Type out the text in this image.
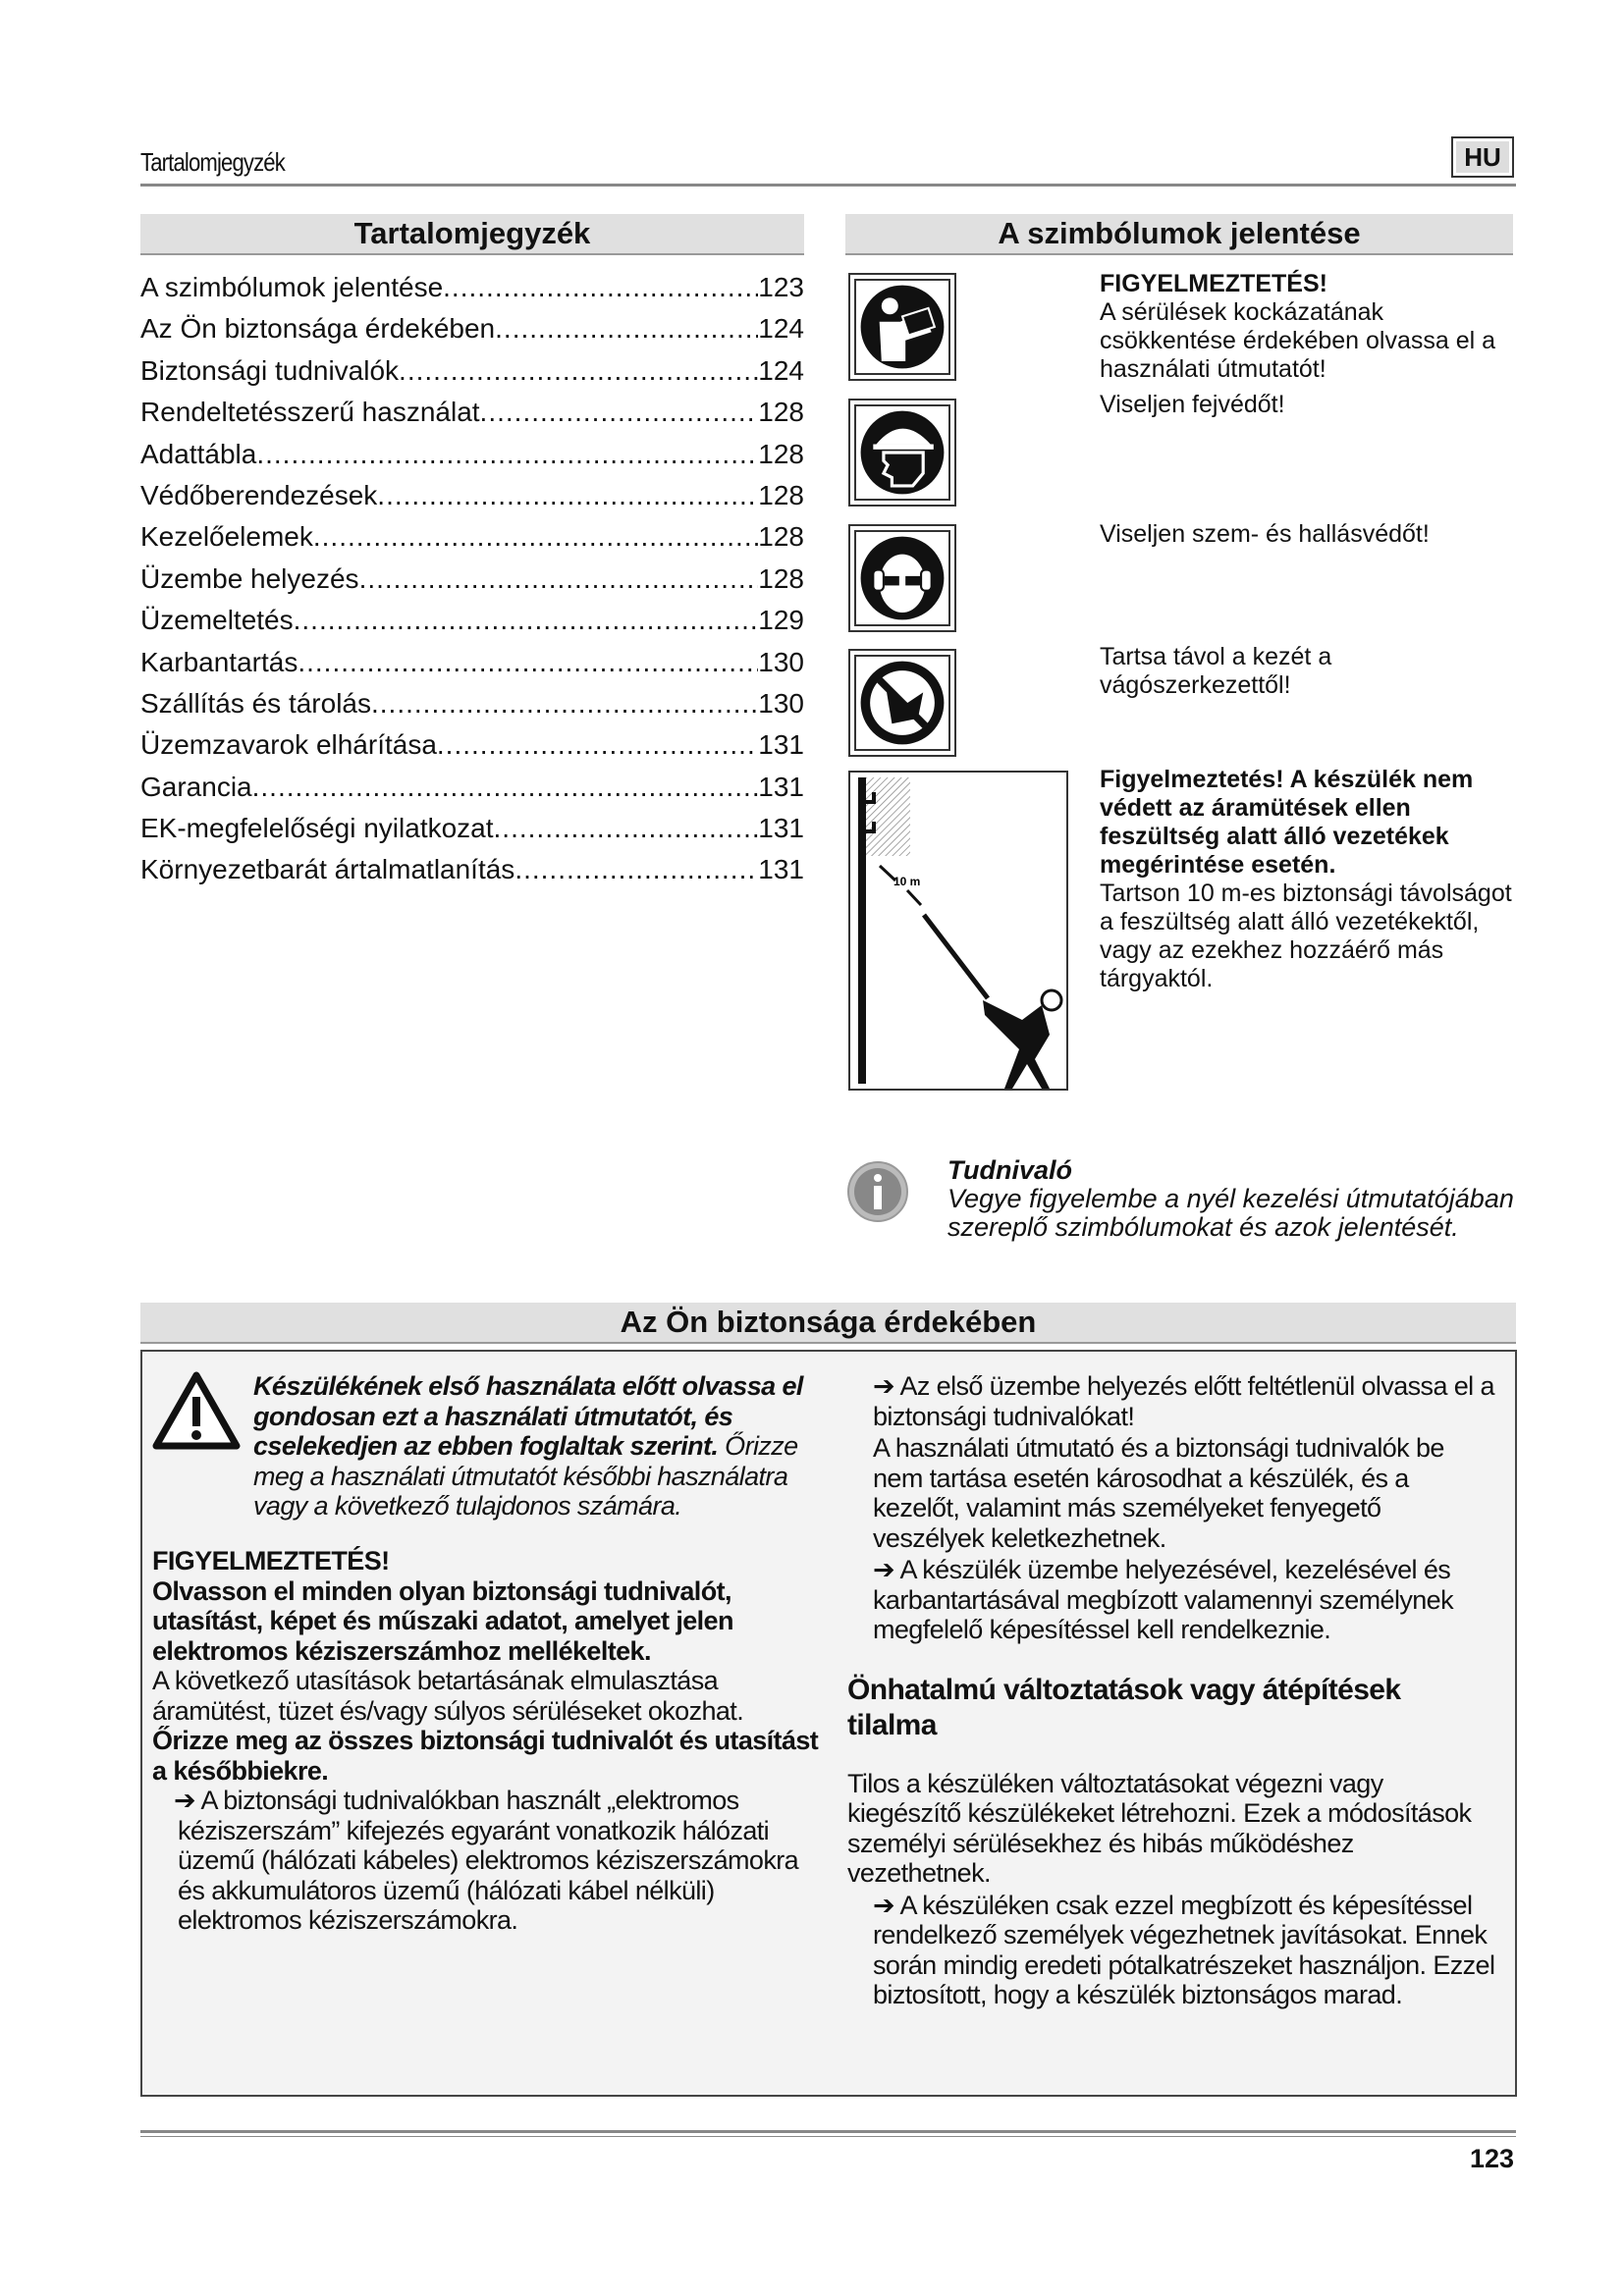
Tartalomjegyzék	HU
Tartalomjegyzék
A szimbólumok jelentése .....	123
Az Ön biztonsága érdekében .....	124
Biztonsági tudnivalók .....	124
Rendeltetésszerű használat .....	128
Adattábla .....	128
Védőberendezések .....	128
Kezelőelemek .....	128
Üzembe helyezés .....	128
Üzemeltetés .....	129
Karbantartás .....	130
Szállítás és tárolás .....	130
Üzemzavarok elhárítása .....	131
Garancia .....	131
EK-megfelelőségi nyilatkozat .....	131
Környezetbarát ártalmatlanítás .....	131
A szimbólumok jelentése
FIGYELMEZTETÉS!
A sérülések kockázatának csökkentése érdekében olvassa el a használati útmutatót!
Viseljen fejvédőt!
Viseljen szem- és hallásvédőt!
Tartsa távol a kezét a vágószerkezettől!
10 m
Figyelmeztetés! A készülék nem védett az áramütések ellen feszültség alatt álló vezetékek megérintése esetén.
Tartson 10 m-es biztonsági távolságot a feszültség alatt álló vezetékektől, vagy az ezekhez hozzáérő más tárgyaktól.
Tudnivaló
Vegye figyelembe a nyél kezelési útmutatójában szereplő szimbólumokat és azok jelentését.
Az Ön biztonsága érdekében

Készülékének első használata előtt olvassa el gondosan ezt a használati útmutatót, és cselekedjen az ebben foglaltak szerint. Őrizze meg a használati útmutatót későbbi használatra vagy a következő tulajdonos számára.

FIGYELMEZTETÉS!

Olvasson el minden olyan biztonsági tudnivalót, utasítást, képet és műszaki adatot, amelyet jelen elektromos kéziszerszámhoz mellékeltek.

A következő utasítások betartásának elmulasztása áramütést, tüzet és/vagy súlyos sérüléseket okozhat.

Őrizze meg az összes biztonsági tudnivalót és utasítást a későbbiekre.

➔ A biztonsági tudnivalókban használt „elektromos kéziszerszám” kifejezés egyaránt vonatkozik hálózati üzemű (hálózati kábeles) elektromos kéziszerszámokra és akkumulátoros üzemű (hálózati kábel nélküli) elektromos kéziszerszámokra.

➔ Az első üzembe helyezés előtt feltétlenül olvassa el a biztonsági tudnivalókat!

A használati útmutató és a biztonsági tudnivalók be nem tartása esetén károsodhat a készülék, és a kezelőt, valamint más személyeket fenyegető veszélyek keletkezhetnek.

➔ A készülék üzembe helyezésével, kezelésével és karbantartásával megbízott valamennyi személynek megfelelő képesítéssel kell rendelkeznie.

Önhatalmú változtatások vagy átépítések tilalma

Tilos a készüléken változtatásokat végezni vagy kiegészítő készülékeket létrehozni. Ezek a módosítások személyi sérülésekhez és hibás működéshez vezethetnek.

➔ A készüléken csak ezzel megbízott és képesítéssel rendelkező személyek végezhetnek javításokat. Ennek során mindig eredeti pótalkatrészeket használjon. Ezzel biztosított, hogy a készülék biztonságos marad.

123
